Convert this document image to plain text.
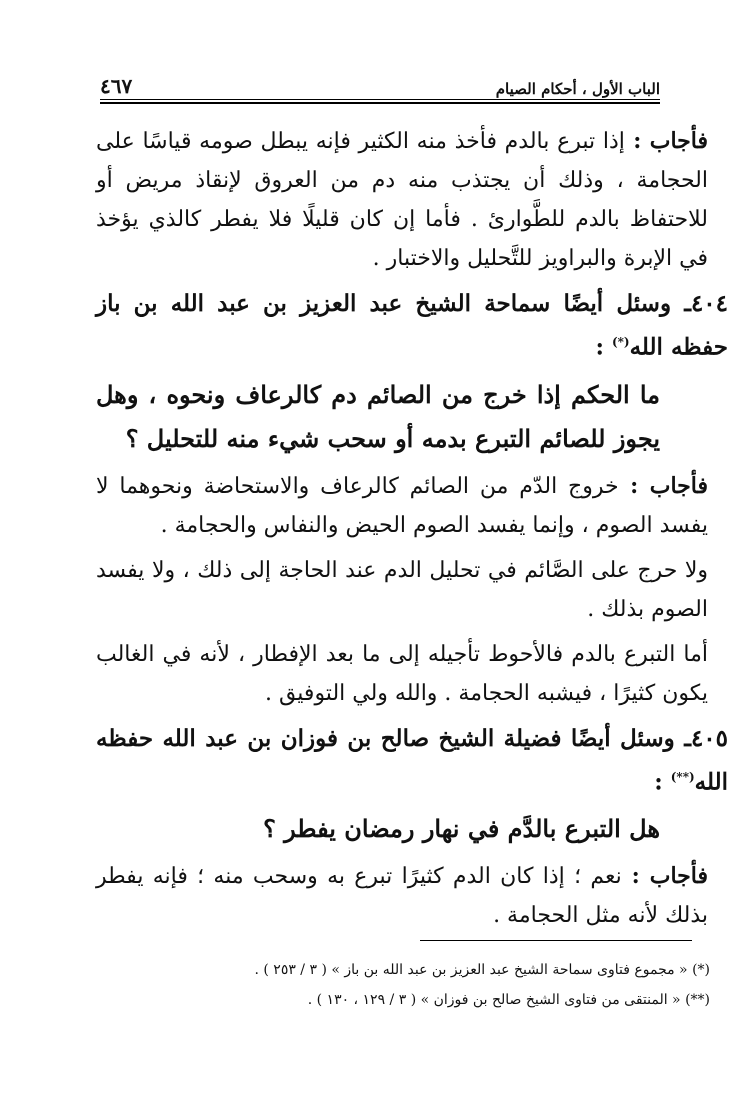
٤٦٧	الباب الأول ، أحكام الصيام

فأجاب : إذا تبرع بالدم فأخذ منه الكثير فإنه يبطل صومه قياسًا على الحجامة ، وذلك أن يجتذب منه دم من العروق لإنقاذ مريض أو للاحتفاظ بالدم للطَّوارئ . فأما إن كان قليلًا فلا يفطر كالذي يؤخذ في الإبرة والبراويز للتَّحليل والاختبار .

٤٠٤ـ وسئل أيضًا سماحة الشيخ عبد العزيز بن عبد الله بن باز حفظه الله(*) :

ما الحكم إذا خرج من الصائم دم كالرعاف ونحوه ، وهل يجوز للصائم التبرع بدمه أو سحب شيء منه للتحليل ؟

فأجاب : خروج الدّم من الصائم كالرعاف والاستحاضة ونحوهما لا يفسد الصوم ، وإنما يفسد الصوم الحيض والنفاس والحجامة .

ولا حرج على الصَّائم في تحليل الدم عند الحاجة إلى ذلك ، ولا يفسد الصوم بذلك .

أما التبرع بالدم فالأحوط تأجيله إلى ما بعد الإفطار ، لأنه في الغالب يكون كثيرًا ، فيشبه الحجامة . والله ولي التوفيق .

٤٠٥ـ وسئل أيضًا فضيلة الشيخ صالح بن فوزان بن عبد الله حفظه الله(**) :

هل التبرع بالدَّم في نهار رمضان يفطر ؟

فأجاب : نعم ؛ إذا كان الدم كثيرًا تبرع به وسحب منه ؛ فإنه يفطر بذلك لأنه مثل الحجامة .

(*) « مجموع فتاوى سماحة الشيخ عبد العزيز بن عبد الله بن باز » ( ٣ / ٢٥٣ ) .
(**) « المنتقى من فتاوى الشيخ صالح بن فوزان » ( ٣ / ١٢٩ ، ١٣٠ ) .
